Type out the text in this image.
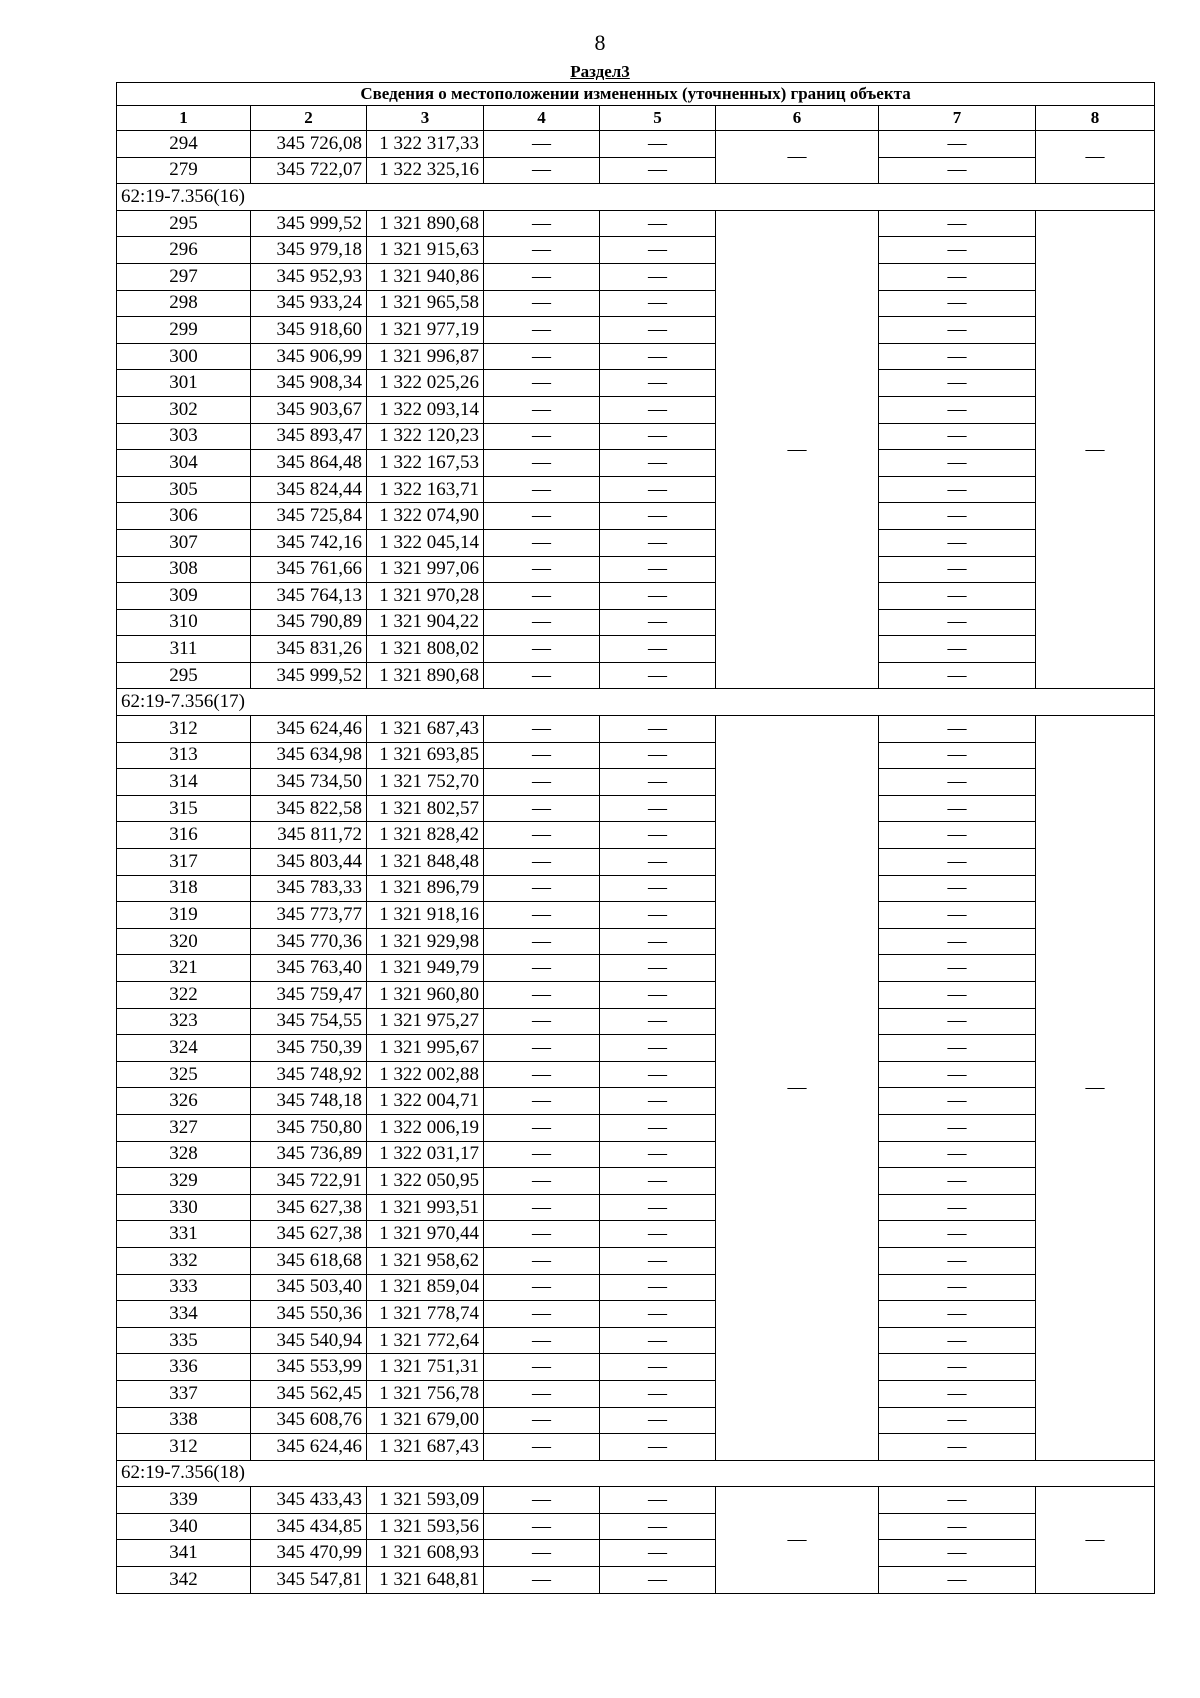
8
Раздел3
Сведения о местоположении измененных (уточненных) границ объекта							
1	2	3	4	5	6	7	8
294	345 726,08	1 322 317,33	—	—	—	—	—
279	345 722,07	1 322 325,16	—	—		—	
62:19-7.356(16)							
295	345 999,52	1 321 890,68	—	—	—	—	—
296	345 979,18	1 321 915,63	—	—		—	
297	345 952,93	1 321 940,86	—	—		—	
298	345 933,24	1 321 965,58	—	—		—	
299	345 918,60	1 321 977,19	—	—		—	
300	345 906,99	1 321 996,87	—	—		—	
301	345 908,34	1 322 025,26	—	—		—	
302	345 903,67	1 322 093,14	—	—		—	
303	345 893,47	1 322 120,23	—	—		—	
304	345 864,48	1 322 167,53	—	—		—	
305	345 824,44	1 322 163,71	—	—		—	
306	345 725,84	1 322 074,90	—	—		—	
307	345 742,16	1 322 045,14	—	—		—	
308	345 761,66	1 321 997,06	—	—		—	
309	345 764,13	1 321 970,28	—	—		—	
310	345 790,89	1 321 904,22	—	—		—	
311	345 831,26	1 321 808,02	—	—		—	
295	345 999,52	1 321 890,68	—	—		—	
62:19-7.356(17)							
312	345 624,46	1 321 687,43	—	—	—	—	—
313	345 634,98	1 321 693,85	—	—		—	
314	345 734,50	1 321 752,70	—	—		—	
315	345 822,58	1 321 802,57	—	—		—	
316	345 811,72	1 321 828,42	—	—		—	
317	345 803,44	1 321 848,48	—	—		—	
318	345 783,33	1 321 896,79	—	—		—	
319	345 773,77	1 321 918,16	—	—		—	
320	345 770,36	1 321 929,98	—	—		—	
321	345 763,40	1 321 949,79	—	—		—	
322	345 759,47	1 321 960,80	—	—		—	
323	345 754,55	1 321 975,27	—	—		—	
324	345 750,39	1 321 995,67	—	—		—	
325	345 748,92	1 322 002,88	—	—		—	
326	345 748,18	1 322 004,71	—	—		—	
327	345 750,80	1 322 006,19	—	—		—	
328	345 736,89	1 322 031,17	—	—		—	
329	345 722,91	1 322 050,95	—	—		—	
330	345 627,38	1 321 993,51	—	—		—	
331	345 627,38	1 321 970,44	—	—		—	
332	345 618,68	1 321 958,62	—	—		—	
333	345 503,40	1 321 859,04	—	—		—	
334	345 550,36	1 321 778,74	—	—		—	
335	345 540,94	1 321 772,64	—	—		—	
336	345 553,99	1 321 751,31	—	—		—	
337	345 562,45	1 321 756,78	—	—		—	
338	345 608,76	1 321 679,00	—	—		—	
312	345 624,46	1 321 687,43	—	—		—	
62:19-7.356(18)							
339	345 433,43	1 321 593,09	—	—	—	—	—
340	345 434,85	1 321 593,56	—	—		—	
341	345 470,99	1 321 608,93	—	—		—	
342	345 547,81	1 321 648,81	—	—		—	
